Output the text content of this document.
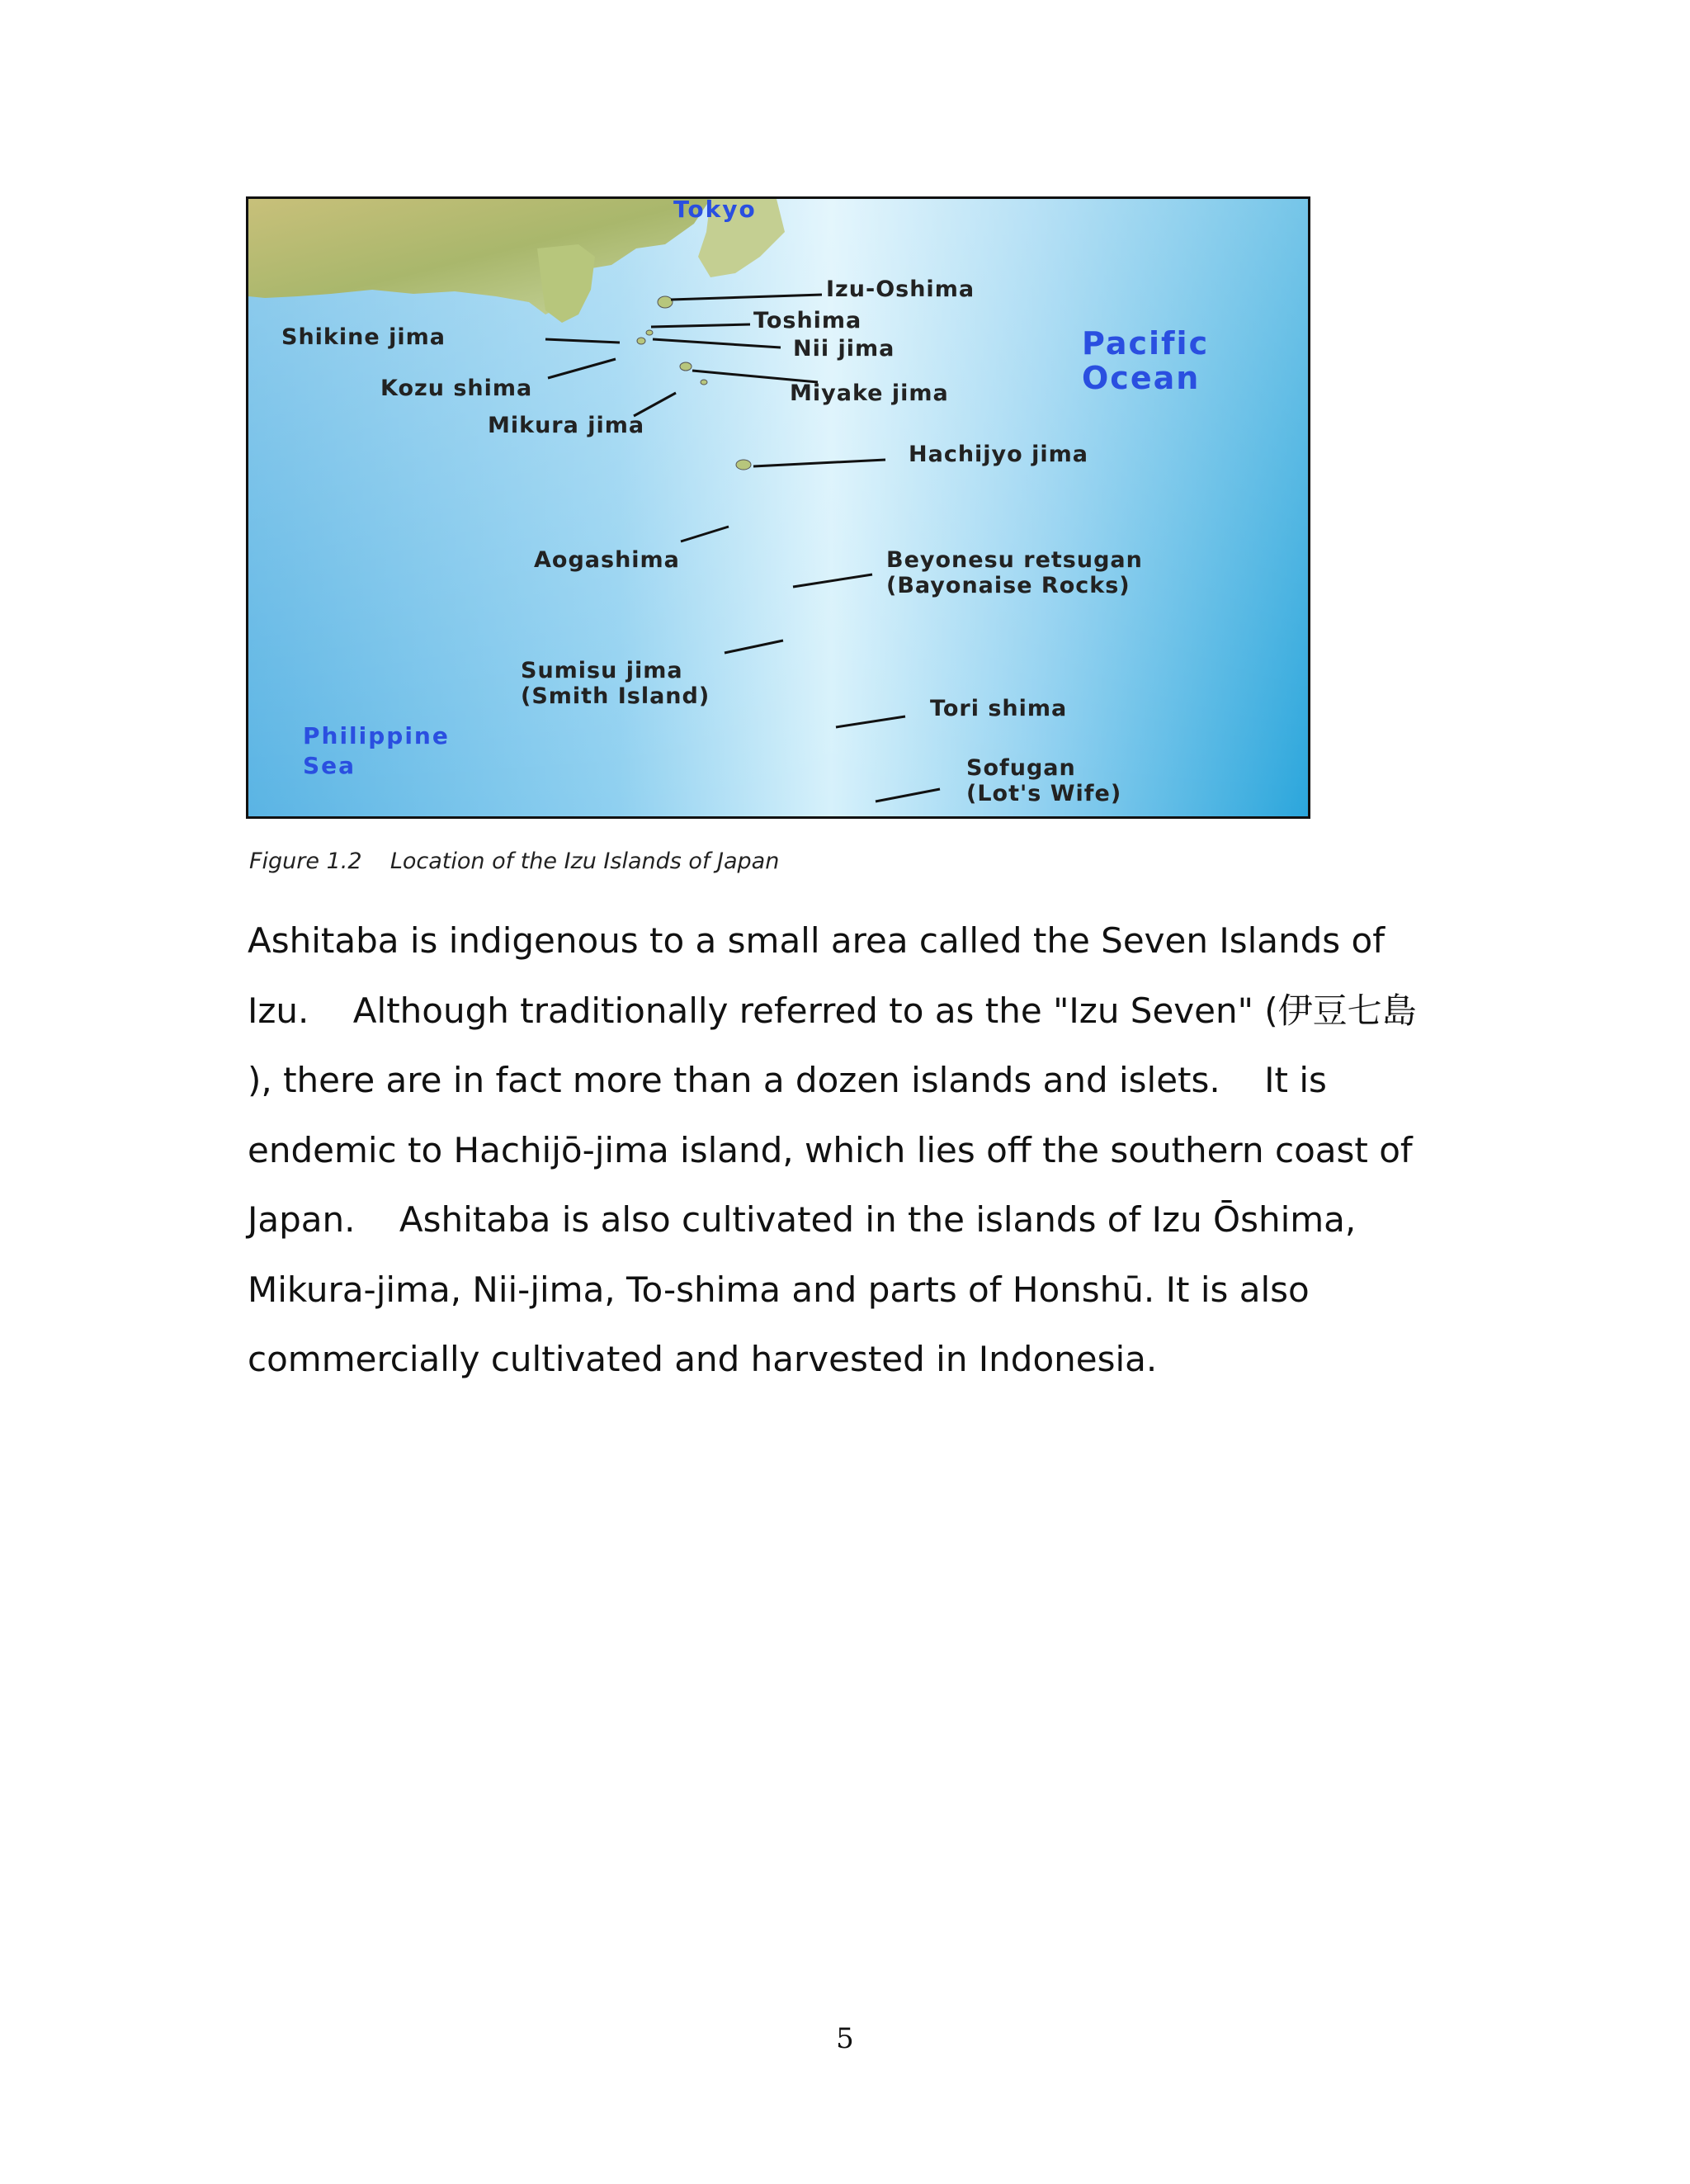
Tokyo
Izu-Oshima
Toshima
Shikine jima	Nii jima
Kozu shima	Miyake jima
Mikura jima
Hachijyo jima
Aogashima	Beyonesu retsugan
(Bayonaise Rocks)
Sumisu jima
(Smith Island)	Tori shima
Sofugan
(Lot's Wife)
Pacific
Ocean
Philippine
Sea
Figure 1.2    Location of the Izu Islands of Japan
Ashitaba is indigenous to a small area called the Seven Islands of
Izu.    Although traditionally referred to as the "Izu Seven" (伊豆七島
), there are in fact more than a dozen islands and islets.    It is
endemic to Hachijō-jima island, which lies off the southern coast of
Japan.    Ashitaba is also cultivated in the islands of Izu Ōshima,
Mikura-jima, Nii-jima, To-shima and parts of Honshū. It is also
commercially cultivated and harvested in Indonesia.
5
